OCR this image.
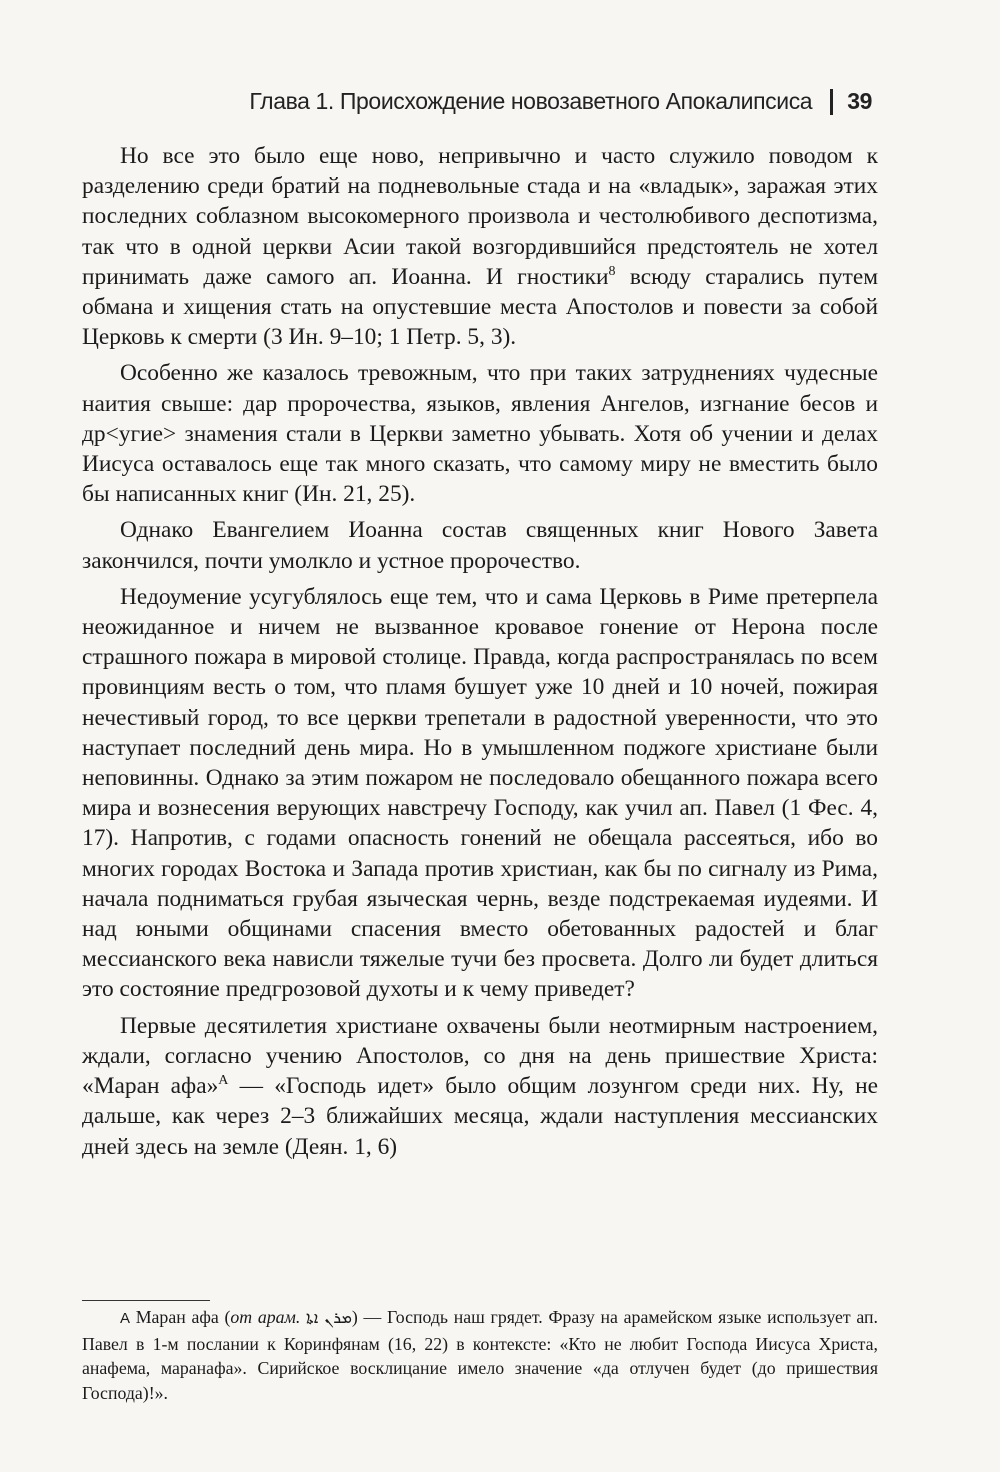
Глава 1. Происхождение новозаветного Апокалипсиса 39

Но все это было еще ново, непривычно и часто служило поводом к разделению среди братий на подневольные стада и на «владык», заражая этих последних соблазном высокомерного произвола и честолюбивого деспотизма, так что в одной церкви Асии такой возгордившийся предстоятель не хотел принимать даже самого ап. Иоанна. И гностики$^8$ всюду старались путем обмана и хищения стать на опустевшие места Апостолов и повести за собой Церковь к смерти (3 Ин. 9–10; 1 Петр. 5, 3).

Особенно же казалось тревожным, что при таких затруднениях чудесные наития свыше: дар пророчества, языков, явления Ангелов, изгнание бесов и др<угие> знамения стали в Церкви заметно убывать. Хотя об учении и делах Иисуса оставалось еще так много сказать, что самому миру не вместить было бы написанных книг (Ин. 21, 25).

Однако Евангелием Иоанна состав священных книг Нового Завета закончился, почти умолкло и устное пророчество.

Недоумение усугублялось еще тем, что и сама Церковь в Риме претерпела неожиданное и ничем не вызванное кровавое гонение от Нерона после страшного пожара в мировой столице. Правда, когда распространялась по всем провинциям весть о том, что пламя бушует уже 10 дней и 10 ночей, пожирая нечестивый город, то все церкви трепетали в радостной уверенности, что это наступает последний день мира. Но в умышленном поджоге христиане были неповинны. Однако за этим пожаром не последовало обещанного пожара всего мира и вознесения верующих навстречу Господу, как учил ап. Павел (1 Фес. 4, 17). Напротив, с годами опасность гонений не обещала рассеяться, ибо во многих городах Востока и Запада против христиан, как бы по сигналу из Рима, начала подниматься грубая языческая чернь, везде подстрекаемая иудеями. И над юными общинами спасения вместо обетованных радостей и благ мессианского века нависли тяжелые тучи без просвета. Долго ли будет длиться это состояние предгрозовой духоты и к чему приведет?

Первые десятилетия христиане охвачены были неотмирным настроением, ждали, согласно учению Апостолов, со дня на день пришествие Христа: «Маран афа»$^A$ — «Господь идет» было общим лозунгом среди них. Ну, не дальше, как через 2–3 ближайших месяца, ждали наступления мессианских дней здесь на земле (Деян. 1, 6)

A Маран афа (от арам. ܡܪܢ ܐܬܐ) — Господь наш грядет. Фразу на арамейском языке использует ап. Павел в 1-м послании к Коринфянам (16, 22) в контексте: «Кто не любит Господа Иисуса Христа, анафема, маранафа». Сирийское восклицание имело значение «да отлучен будет (до пришествия Господа)!».
